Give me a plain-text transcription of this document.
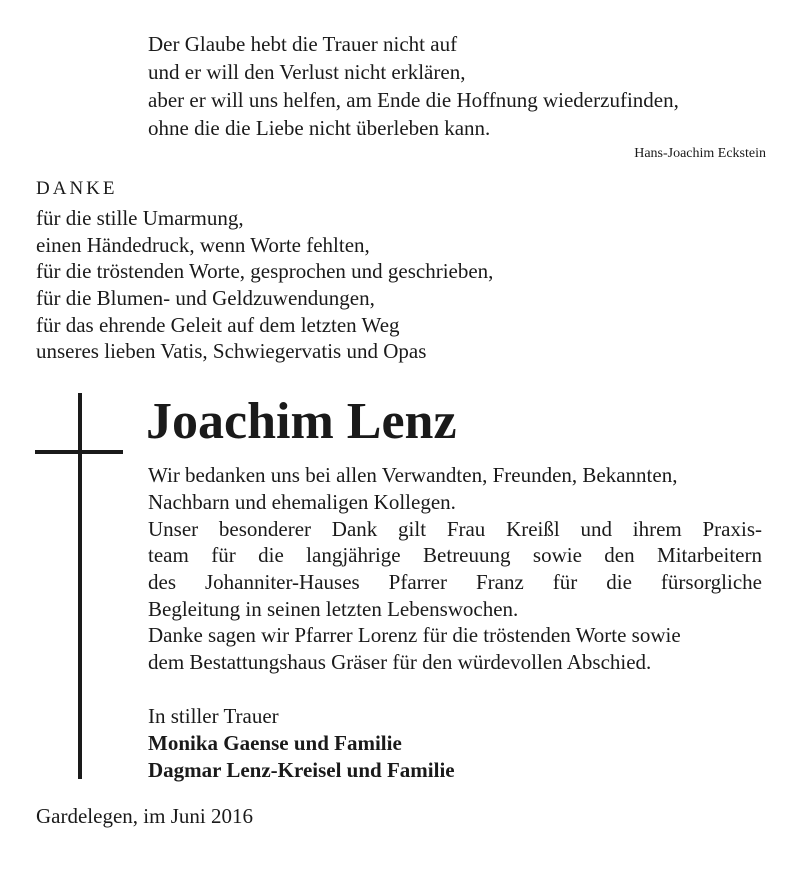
Der Glaube hebt die Trauer nicht auf
und er will den Verlust nicht erklären,
aber er will uns helfen, am Ende die Hoffnung wiederzufinden,
ohne die die Liebe nicht überleben kann.
Hans-Joachim Eckstein
DANKE
für die stille Umarmung,
einen Händedruck, wenn Worte fehlten,
für die tröstenden Worte, gesprochen und geschrieben,
für die Blumen- und Geldzuwendungen,
für das ehrende Geleit auf dem letzten Weg
unseres lieben Vatis, Schwiegervatis und Opas
Joachim Lenz
Wir bedanken uns bei allen Verwandten, Freunden, Bekannten,
Nachbarn und ehemaligen Kollegen.
Unser besonderer Dank gilt Frau Kreißl und ihrem Praxis-
team für die langjährige Betreuung sowie den Mitarbeitern
des Johanniter-Hauses Pfarrer Franz für die fürsorgliche
Begleitung in seinen letzten Lebenswochen.
Danke sagen wir Pfarrer Lorenz für die tröstenden Worte sowie
dem Bestattungshaus Gräser für den würdevollen Abschied.
In stiller Trauer
Monika Gaense und Familie
Dagmar Lenz-Kreisel und Familie
Gardelegen, im Juni 2016
